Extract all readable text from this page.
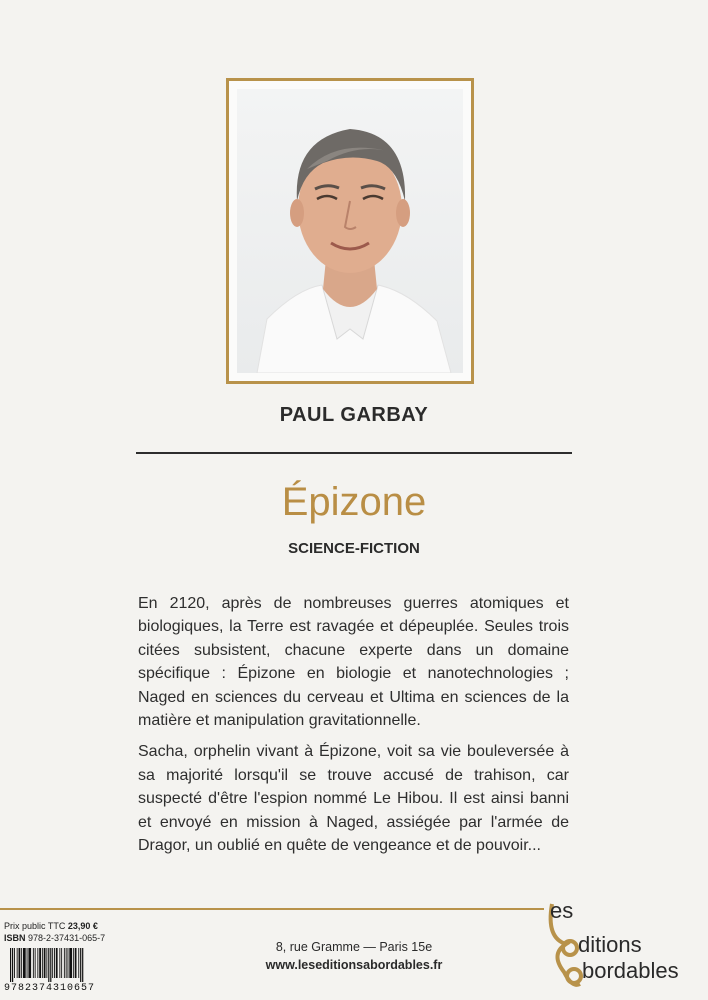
PAUL GARBAY
Épizone
SCIENCE-FICTION

En 2120, après de nombreuses guerres atomiques et biologiques, la Terre est ravagée et dépeuplée. Seules trois citées subsistent, chacune experte dans un domaine spécifique : Épizone en biologie et nanotechnologies ; Naged en sciences du cerveau et Ultima en sciences de la matière et manipulation gravitationnelle.

Sacha, orphelin vivant à Épizone, voit sa vie bouleversée à sa majorité lorsqu'il se trouve accusé de trahison, car suspecté d'être l'espion nommé Le Hibou. Il est ainsi banni et envoyé en mission à Naged, assiégée par l'armée de Dragor, un oublié en quête de vengeance et de pouvoir...

Prix public TTC 23,90 €
ISBN 978-2-37431-065-7
9782374310657
8, rue Gramme — Paris 15e
www.leseditionsabordables.fr
es
ditions
bordables
